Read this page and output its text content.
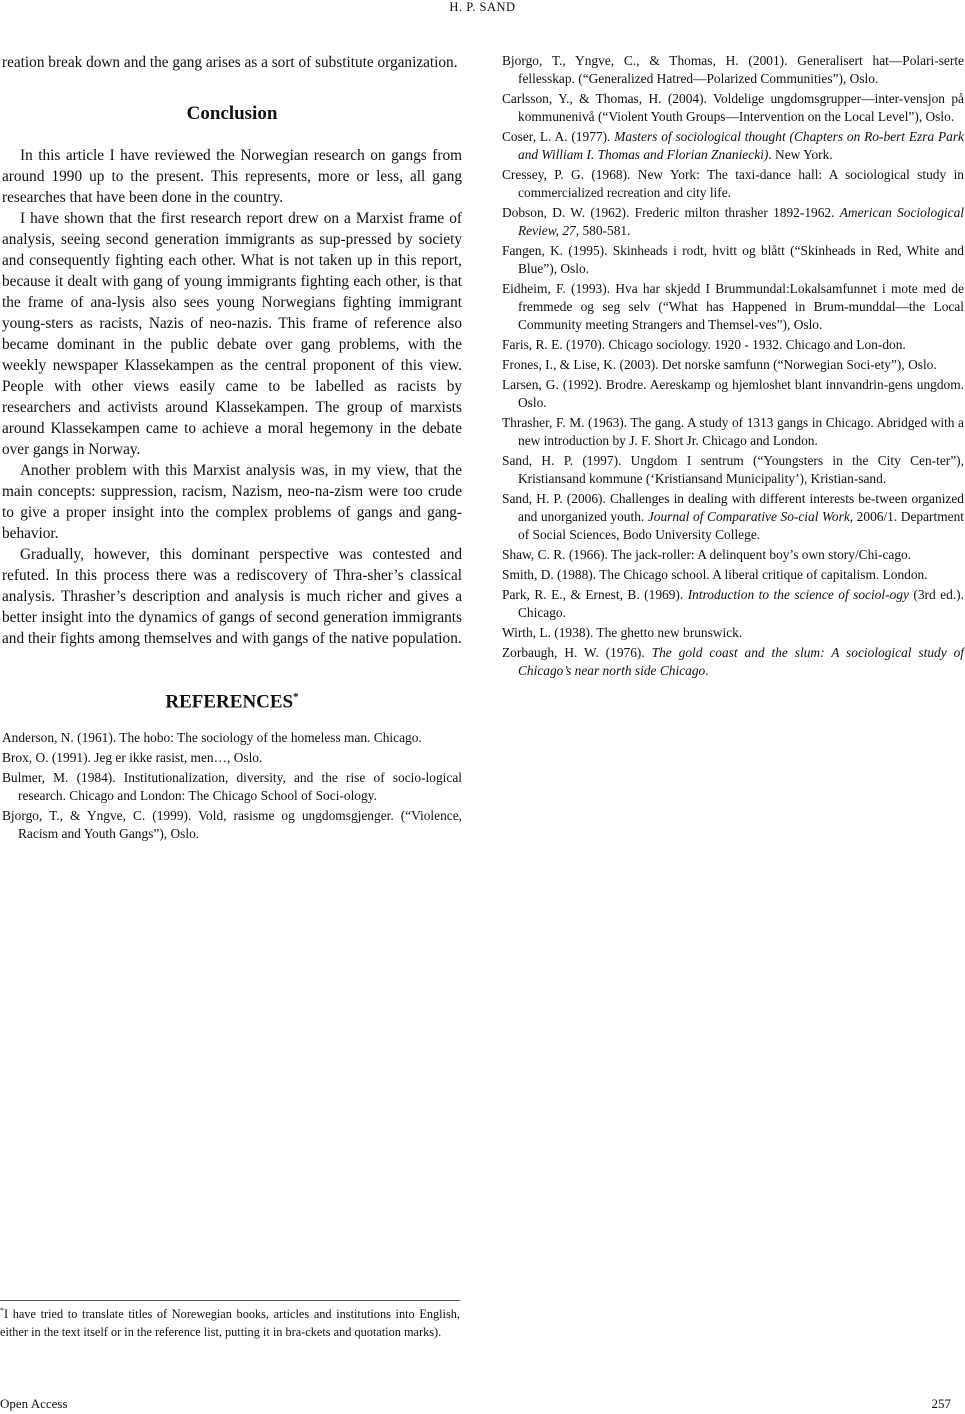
H. P. SAND

reation break down and the gang arises as a sort of substitute organization.

Conclusion

In this article I have reviewed the Norwegian research on gangs from around 1990 up to the present. This represents, more or less, all gang researches that have been done in the country.

I have shown that the first research report drew on a Marxist frame of analysis, seeing second generation immigrants as sup-pressed by society and consequently fighting each other. What is not taken up in this report, because it dealt with gang of young immigrants fighting each other, is that the frame of ana-lysis also sees young Norwegians fighting immigrant young-sters as racists, Nazis of neo-nazis. This frame of reference also became dominant in the public debate over gang problems, with the weekly newspaper Klassekampen as the central proponent of this view. People with other views easily came to be labelled as racists by researchers and activists around Klassekampen. The group of marxists around Klassekampen came to achieve a moral hegemony in the debate over gangs in Norway.

Another problem with this Marxist analysis was, in my view, that the main concepts: suppression, racism, Nazism, neo-na-zism were too crude to give a proper insight into the complex problems of gangs and gang-behavior.

Gradually, however, this dominant perspective was contested and refuted. In this process there was a rediscovery of Thra-sher’s classical analysis. Thrasher’s description and analysis is much richer and gives a better insight into the dynamics of gangs of second generation immigrants and their fights among themselves and with gangs of the native population.

REFERENCES*

Anderson, N. (1961). The hobo: The sociology of the homeless man. Chicago.

Brox, O. (1991). Jeg er ikke rasist, men…, Oslo.

Bulmer, M. (1984). Institutionalization, diversity, and the rise of socio-logical research. Chicago and London: The Chicago School of Soci-ology.

Bjorgo, T., & Yngve, C. (1999). Vold, rasisme og ungdomsgjenger. (“Violence, Racism and Youth Gangs”), Oslo.

Bjorgo, T., Yngve, C., & Thomas, H. (2001). Generalisert hat—Polari-serte fellesskap. (“Generalized Hatred—Polarized Communities”), Oslo.

Carlsson, Y., & Thomas, H. (2004). Voldelige ungdomsgrupper—inter-vensjon på kommunenivå (“Violent Youth Groups—Intervention on the Local Level”), Oslo.

Coser, L. A. (1977). Masters of sociological thought (Chapters on Ro-bert Ezra Park and William I. Thomas and Florian Znaniecki). New York.

Cressey, P. G. (1968). New York: The taxi-dance hall: A sociological study in commercialized recreation and city life.

Dobson, D. W. (1962). Frederic milton thrasher 1892-1962. American Sociological Review, 27, 580-581.

Fangen, K. (1995). Skinheads i rodt, hvitt og blått (“Skinheads in Red, White and Blue”), Oslo.

Eidheim, F. (1993). Hva har skjedd I Brummundal:Lokalsamfunnet i mote med de fremmede og seg selv (“What has Happened in Brum-munddal—the Local Community meeting Strangers and Themsel-ves”), Oslo.

Faris, R. E. (1970). Chicago sociology. 1920 - 1932. Chicago and Lon-don.

Frones, I., & Lise, K. (2003). Det norske samfunn (“Norwegian Soci-ety”), Oslo.

Larsen, G. (1992). Brodre. Aereskamp og hjemloshet blant innvandrin-gens ungdom. Oslo.

Thrasher, F. M. (1963). The gang. A study of 1313 gangs in Chicago. Abridged with a new introduction by J. F. Short Jr. Chicago and London.

Sand, H. P. (1997). Ungdom I sentrum (“Youngsters in the City Cen-ter”), Kristiansand kommune (‘Kristiansand Municipality’), Kristian-sand.

Sand, H. P. (2006). Challenges in dealing with different interests be-tween organized and unorganized youth. Journal of Comparative So-cial Work, 2006/1. Department of Social Sciences, Bodo University College.

Shaw, C. R. (1966). The jack-roller: A delinquent boy’s own story/Chi-cago.

Smith, D. (1988). The Chicago school. A liberal critique of capitalism. London.

Park, R. E., & Ernest, B. (1969). Introduction to the science of sociol-ogy (3rd ed.). Chicago.

Wirth, L. (1938). The ghetto new brunswick.

Zorbaugh, H. W. (1976). The gold coast and the slum: A sociological study of Chicago’s near north side Chicago.

*I have tried to translate titles of Norewegian books, articles and institutions into English, either in the text itself or in the reference list, putting it in bra-ckets and quotation marks).
Open Access	257
